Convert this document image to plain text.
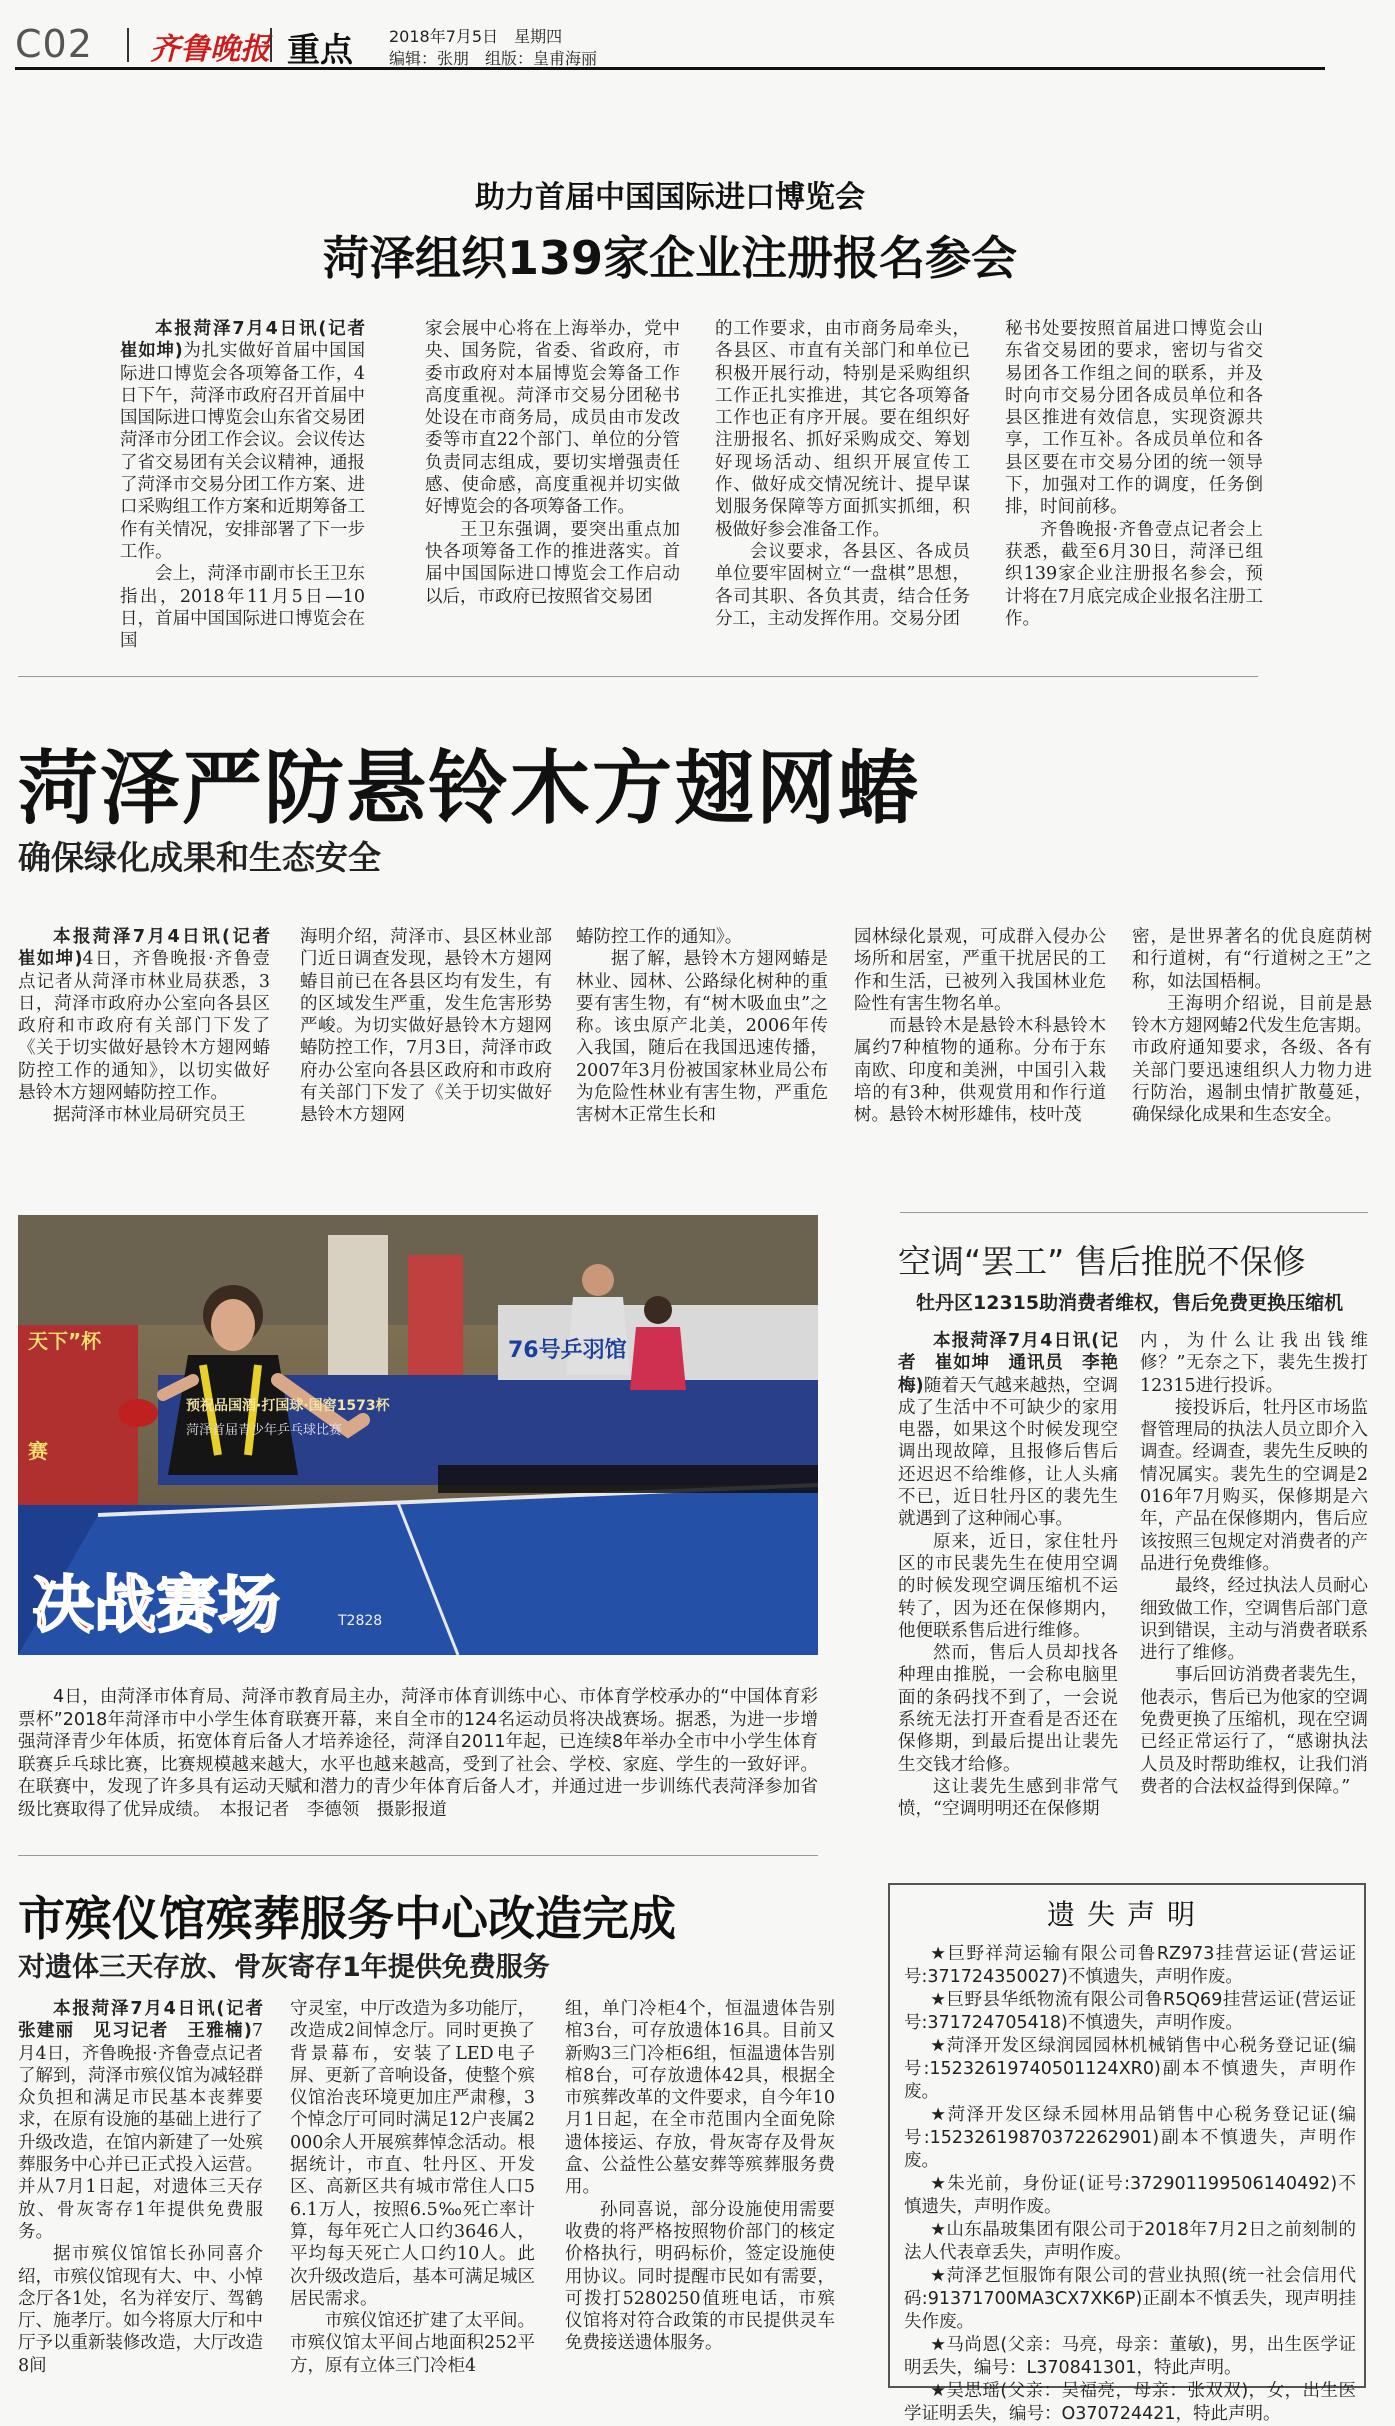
C02 齐鲁晚报 重点 2018年7月5日　星期四
编辑：张朋　组版：皇甫海丽
助力首届中国国际进口博览会
菏泽组织139家企业注册报名参会

本报菏泽7月4日讯(记者　崔如坤)为扎实做好首届中国国际进口博览会各项筹备工作，4日下午，菏泽市政府召开首届中国国际进口博览会山东省交易团菏泽市分团工作会议。会议传达了省交易团有关会议精神，通报了菏泽市交易分团工作方案、进口采购组工作方案和近期筹备工作有关情况，安排部署了下一步工作。

会上，菏泽市副市长王卫东指出，2018年11月5日—10日，首届中国国际进口博览会在国

家会展中心将在上海举办，党中央、国务院，省委、省政府，市委市政府对本届博览会筹备工作高度重视。菏泽市交易分团秘书处设在市商务局，成员由市发改委等市直22个部门、单位的分管负责同志组成，要切实增强责任感、使命感，高度重视并切实做好博览会的各项筹备工作。

王卫东强调，要突出重点加快各项筹备工作的推进落实。首届中国国际进口博览会工作启动以后，市政府已按照省交易团

的工作要求，由市商务局牵头，各县区、市直有关部门和单位已积极开展行动，特别是采购组织工作正扎实推进，其它各项筹备工作也正有序开展。要在组织好注册报名、抓好采购成交、筹划好现场活动、组织开展宣传工作、做好成交情况统计、提早谋划服务保障等方面抓实抓细，积极做好参会准备工作。

会议要求，各县区、各成员单位要牢固树立“一盘棋”思想，各司其职、各负其责，结合任务分工，主动发挥作用。交易分团

秘书处要按照首届进口博览会山东省交易团的要求，密切与省交易团各工作组之间的联系，并及时向市交易分团各成员单位和各县区推进有效信息，实现资源共享，工作互补。各成员单位和各县区要在市交易分团的统一领导下，加强对工作的调度，任务倒排，时间前移。

齐鲁晚报·齐鲁壹点记者会上获悉，截至6月30日，菏泽已组织139家企业注册报名参会，预计将在7月底完成企业报名注册工作。

菏泽严防悬铃木方翅网蝽
确保绿化成果和生态安全

本报菏泽7月4日讯(记者　崔如坤)4日，齐鲁晚报·齐鲁壹点记者从菏泽市林业局获悉，3日，菏泽市政府办公室向各县区政府和市政府有关部门下发了《关于切实做好悬铃木方翅网蝽防控工作的通知》，以切实做好悬铃木方翅网蝽防控工作。

据菏泽市林业局研究员王

海明介绍，菏泽市、县区林业部门近日调查发现，悬铃木方翅网蝽目前已在各县区均有发生，有的区域发生严重，发生危害形势严峻。为切实做好悬铃木方翅网蝽防控工作，7月3日，菏泽市政府办公室向各县区政府和市政府有关部门下发了《关于切实做好悬铃木方翅网

蝽防控工作的通知》。

据了解，悬铃木方翅网蝽是林业、园林、公路绿化树种的重要有害生物，有“树木吸血虫”之称。该虫原产北美，2006年传入我国，随后在我国迅速传播，2007年3月份被国家林业局公布为危险性林业有害生物，严重危害树木正常生长和

园林绿化景观，可成群入侵办公场所和居室，严重干扰居民的工作和生活，已被列入我国林业危险性有害生物名单。

而悬铃木是悬铃木科悬铃木属约7种植物的通称。分布于东南欧、印度和美洲，中国引入栽培的有3种，供观赏用和作行道树。悬铃木树形雄伟，枝叶茂

密，是世界著名的优良庭荫树和行道树，有“行道树之王”之称，如法国梧桐。

王海明介绍说，目前是悬铃木方翅网蝽2代发生危害期。市政府通知要求，各级、各有关部门要迅速组织人力物力进行防治，遏制虫情扩散蔓延，确保绿化成果和生态安全。

预祝品国酒·打国球·国窖1573杯
菏泽首届青少年乒乓球比赛
76号乒羽馆
天下”杯
赛
T2828
决战赛场
4日，由菏泽市体育局、菏泽市教育局主办，菏泽市体育训练中心、市体育学校承办的“中国体育彩票杯”2018年菏泽市中小学生体育联赛开幕，来自全市的124名运动员将决战赛场。据悉，为进一步增强菏泽青少年体质，拓宽体育后备人才培养途径，菏泽自2011年起，已连续8年举办全市中小学生体育联赛乒乓球比赛，比赛规模越来越大，水平也越来越高，受到了社会、学校、家庭、学生的一致好评。在联赛中，发现了许多具有运动天赋和潜力的青少年体育后备人才，并通过进一步训练代表菏泽参加省级比赛取得了优异成绩。　 本报记者　李德领　摄影报道
空调“罢工” 售后推脱不保修
牡丹区12315助消费者维权，售后免费更换压缩机

本报菏泽7月4日讯(记者　崔如坤　通讯员　李艳梅)随着天气越来越热，空调成了生活中不可缺少的家用电器，如果这个时候发现空调出现故障，且报修后售后还迟迟不给维修，让人头痛不已，近日牡丹区的裴先生就遇到了这种闹心事。

原来，近日，家住牡丹区的市民裴先生在使用空调的时候发现空调压缩机不运转了，因为还在保修期内，他便联系售后进行维修。

然而，售后人员却找各种理由推脱，一会称电脑里面的条码找不到了，一会说系统无法打开查看是否还在保修期，到最后提出让裴先生交钱才给修。

这让裴先生感到非常气愤，“空调明明还在保修期

内，为什么让我出钱维修？”无奈之下，裴先生拨打12315进行投诉。

接投诉后，牡丹区市场监督管理局的执法人员立即介入调查。经调查，裴先生反映的情况属实。裴先生的空调是2016年7月购买，保修期是六年，产品在保修期内，售后应该按照三包规定对消费者的产品进行免费维修。

最终，经过执法人员耐心细致做工作，空调售后部门意识到错误，主动与消费者联系进行了维修。

事后回访消费者裴先生，他表示，售后已为他家的空调免费更换了压缩机，现在空调已经正常运行了，“感谢执法人员及时帮助维权，让我们消费者的合法权益得到保障。”

市殡仪馆殡葬服务中心改造完成
对遗体三天存放、骨灰寄存1年提供免费服务

本报菏泽7月4日讯(记者　张建丽　见习记者　王雅楠)7月4日，齐鲁晚报·齐鲁壹点记者了解到，菏泽市殡仪馆为减轻群众负担和满足市民基本丧葬要求，在原有设施的基础上进行了升级改造，在馆内新建了一处殡葬服务中心并已正式投入运营。并从7月1日起，对遗体三天存放、骨灰寄存1年提供免费服务。

据市殡仪馆馆长孙同喜介绍，市殡仪馆现有大、中、小悼念厅各1处，名为祥安厅、驾鹤厅、施孝厅。如今将原大厅和中厅予以重新装修改造，大厅改造8间

守灵室，中厅改造为多功能厅，改造成2间悼念厅。同时更换了背景幕布，安装了LED电子屏、更新了音响设备，使整个殡仪馆治丧环境更加庄严肃穆，3个悼念厅可同时满足12户丧属2000余人开展殡葬悼念活动。根据统计，市直、牡丹区、开发区、高新区共有城市常住人口56.1万人，按照6.5‰死亡率计算，每年死亡人口约3646人，平均每天死亡人口约10人。此次升级改造后，基本可满足城区居民需求。

市殡仪馆还扩建了太平间。市殡仪馆太平间占地面积252平方，原有立体三门冷柜4

组，单门冷柜4个，恒温遗体告别棺3台，可存放遗体16具。目前又新购3三门冷柜6组，恒温遗体告别棺8台，可存放遗体42具，根据全市殡葬改革的文件要求，自今年10月1日起，在全市范围内全面免除遗体接运、存放，骨灰寄存及骨灰盒、公益性公墓安葬等殡葬服务费用。

孙同喜说，部分设施使用需要收费的将严格按照物价部门的核定价格执行，明码标价，签定设施使用协议。同时提醒市民如有需要，可拨打5280250值班电话，市殡仪馆将对符合政策的市民提供灵车免费接送遗体服务。

遗失声明
★巨野祥菏运输有限公司鲁RZ973挂营运证(营运证号:371724350027)不慎遗失，声明作废。
★巨野县华纸物流有限公司鲁R5Q69挂营运证(营运证号:371724705418)不慎遗失，声明作废。
★菏泽开发区绿润园园林机械销售中心税务登记证(编号:15232619740501124XR0)副本不慎遗失，声明作废。
★菏泽开发区绿禾园林用品销售中心税务登记证(编号:15232619870372262901)副本不慎遗失，声明作废。
★朱光前，身份证(证号:372901199506140492)不慎遗失，声明作废。
★山东晶玻集团有限公司于2018年7月2日之前刻制的法人代表章丢失，声明作废。
★菏泽艺恒服饰有限公司的营业执照(统一社会信用代码:91371700MA3CX7XK6P)正副本不慎丢失，现声明挂失作废。
★马尚恩(父亲：马亮，母亲：董敏)，男，出生医学证明丢失，编号：L370841301，特此声明。
★吴思瑶(父亲：吴福亮，母亲：张双双)，女，出生医学证明丢失，编号：O370724421，特此声明。
